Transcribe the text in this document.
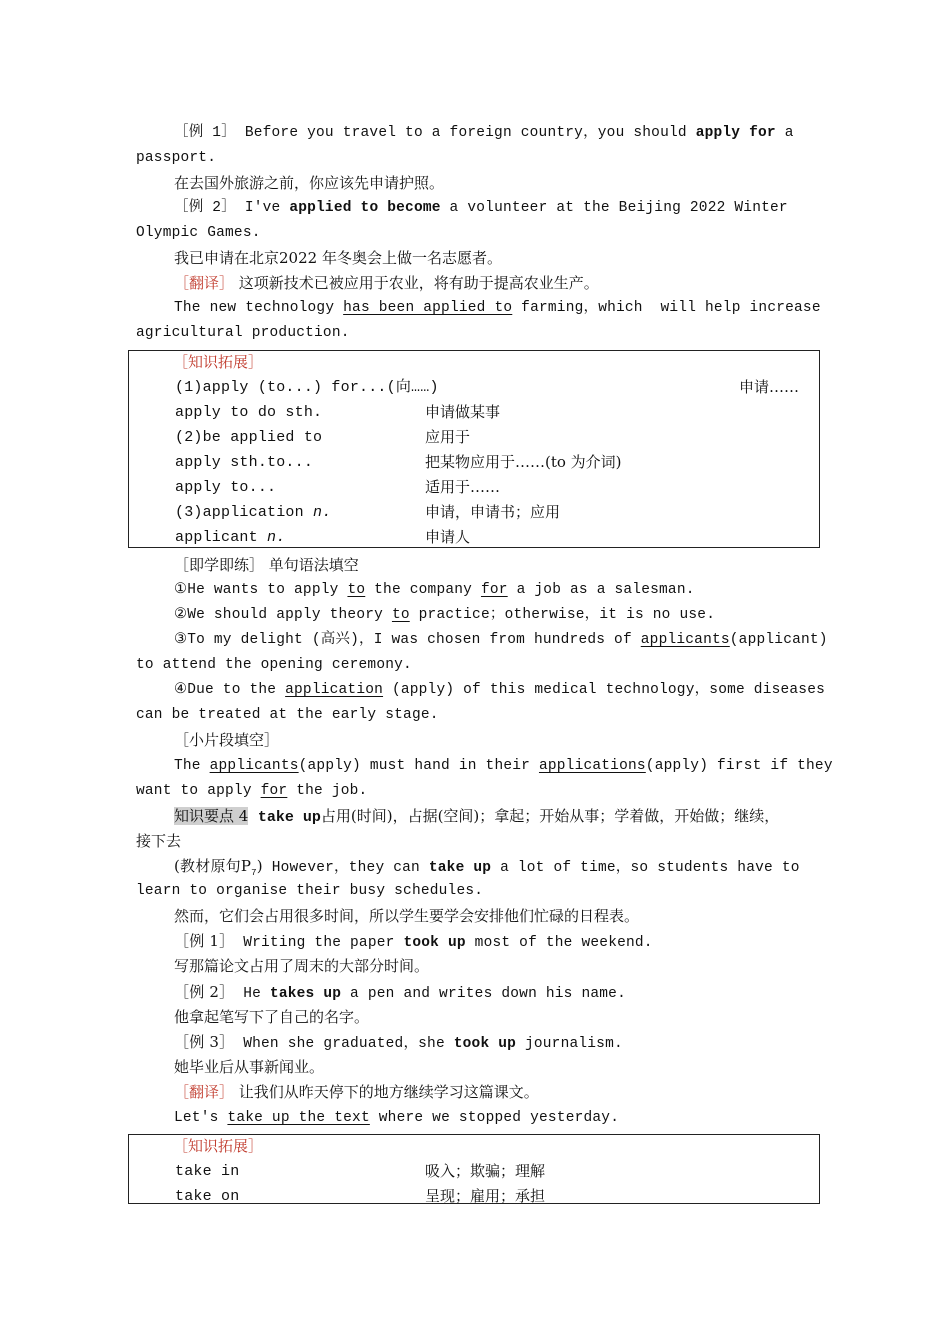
［例 1］ Before you travel to a foreign country，you should apply for a
passport.
在去国外旅游之前，你应该先申请护照。
［例 2］ I've applied to become a volunteer at the Beijing 2022 Winter
Olympic Games.
我已申请在北京2022 年冬奥会上做一名志愿者。
［翻译］ 这项新技术已被应用于农业，将有助于提高农业生产。
The new technology has been applied to farming，which  will help increase
agricultural production.
［知识拓展］
(1)apply (to...) for...(向……)	申请……
apply to do sth.	申请做某事
(2)be applied to	应用于
apply sth.to...	把某物应用于……(to 为介词)
apply to...	适用于……
(3)application n.	申请，申请书；应用
applicant n.	申请人
［即学即练］ 单句语法填空
①He wants to apply to the company for a job as a salesman.
②We should apply theory to practice；otherwise，it is no use.
③To my delight (高兴)，I was chosen from hundreds of applicants(applicant)
to attend the opening ceremony.
④Due to the application (apply) of this medical technology，some diseases
can be treated at the early stage.
［小片段填空］
The applicants(apply) must hand in their applications(apply) first if they
want to apply for the job.
知识要点 4 take up占用(时间)，占据(空间)；拿起；开始从事；学着做，开始做；继续，
接下去
(教材原句$P_7$) However，they can take up a lot of time，so students have to
learn to organise their busy schedules.
然而，它们会占用很多时间，所以学生要学会安排他们忙碌的日程表。
［例 1］ Writing the paper took up most of the weekend.
写那篇论文占用了周末的大部分时间。
［例 2］ He takes up a pen and writes down his name.
他拿起笔写下了自己的名字。
［例 3］ When she graduated，she took up journalism.
她毕业后从事新闻业。
［翻译］ 让我们从昨天停下的地方继续学习这篇课文。
Let's take up the text where we stopped yesterday.
［知识拓展］
take in	吸入；欺骗；理解
take on	呈现；雇用；承担
